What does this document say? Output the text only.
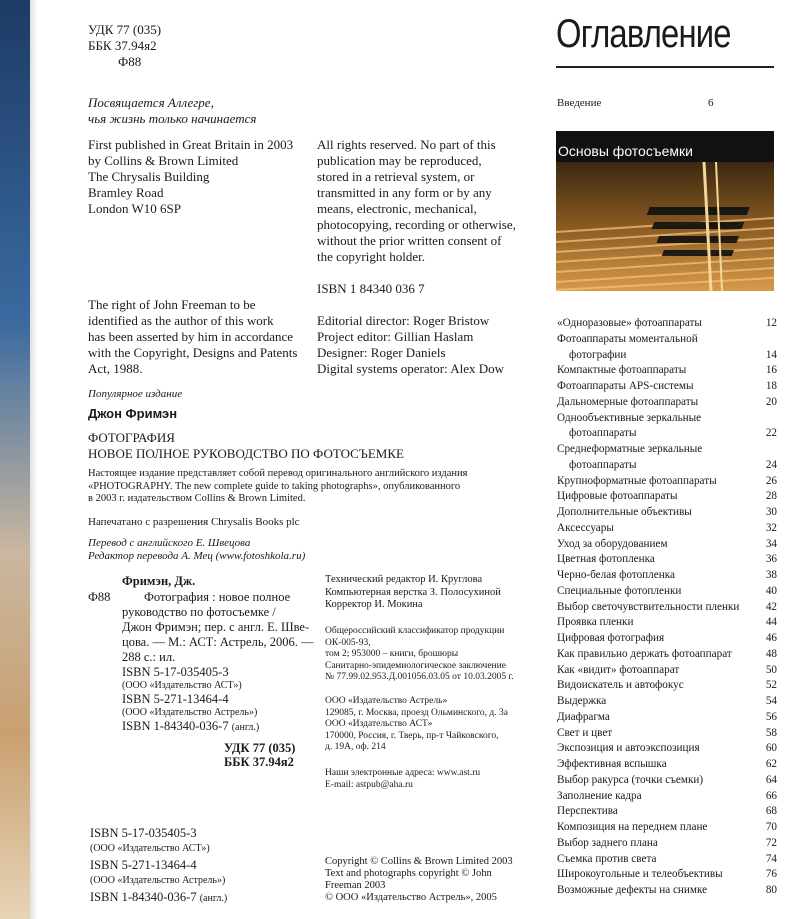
УДК 77 (035)
ББК 37.94я2
Ф88
Посвящается Аллегре,
чья жизнь только начинается
First published in Great Britain in 2003
by Collins & Brown Limited
The Chrysalis Building
Bramley Road
London W10 6SP
All rights reserved. No part of this
publication may be reproduced,
stored in a retrieval system, or
transmitted in any form or by any
means, electronic, mechanical,
photocopying, recording or otherwise,
without the prior written consent of
the copyright holder.
ISBN 1 84340 036 7
The right of John Freeman to be
identified as the author of this work
has been asserted by him in accordance
with the Copyright, Designs and Patents
Act, 1988.
Editorial director: Roger Bristow
Project editor: Gillian Haslam
Designer: Roger Daniels
Digital systems operator: Alex Dow
Популярное издание
Джон Фримэн
ФОТОГРАФИЯ
НОВОЕ ПОЛНОЕ РУКОВОДСТВО ПО ФОТОСЪЕМКЕ
Настоящее издание представляет собой перевод оригинального английского издания
«PHOTOGRAPHY. The new complete guide to taking photographs», опубликованного
в 2003 г. издательством Collins & Brown Limited.
Напечатано с разрешения Chrysalis Books plc
Перевод с английского Е. Швецова
Редактор перевода А. Мец (www.fotoshkola.ru)
Фримэн, Дж.
Ф88	Фотография : новое полное
руководство по фотосъемке /
Джон Фримэн; пер. с англ. Е. Шве-
цова. — М.: АСТ: Астрель, 2006. —
288 с.: ил.
ISBN 5-17-035405-3
(ООО «Издательство АСТ»)
ISBN 5-271-13464-4
(ООО «Издательство Астрель»)
ISBN 1-84340-036-7 (англ.)
УДК 77 (035)
ББК 37.94я2
Технический редактор И. Круглова
Компьютерная верстка З. Полосухиной
Корректор И. Мокина
Общероссийский классификатор продукции
ОК-005-93,
том 2; 953000 – книги, брошюры
Санитарно-эпидемиологическое заключение
№ 77.99.02.953.Д.001056.03.05 от 10.03.2005 г.
ООО «Издательство Астрель»
129085, г. Москва, проезд Ольминского, д. 3а
ООО «Издательство АСТ»
170000, Россия, г. Тверь, пр-т Чайковского,
д. 19А, оф. 214
Наши электронные адреса: www.ast.ru
E-mail: astpub@aha.ru
ISBN 5-17-035405-3
(ООО «Издательство АСТ»)
ISBN 5-271-13464-4
(ООО «Издательство Астрель»)
ISBN 1-84340-036-7 (англ.)
Copyright © Collins & Brown Limited 2003
Text and photographs copyright © John
Freeman 2003
© ООО «Издательство Астрель», 2005
Оглавление
Введение	6
Основы фотосъемки
«Одноразовые» фотоаппараты	12
Фотоаппараты моментальной
фотографии	14
Компактные фотоаппараты	16
Фотоаппараты APS-системы	18
Дальномерные фотоаппараты	20
Однообъективные зеркальные
фотоаппараты	22
Среднеформатные зеркальные
фотоаппараты	24
Крупноформатные фотоаппараты	26
Цифровые фотоаппараты	28
Дополнительные объективы	30
Аксессуары	32
Уход за оборудованием	34
Цветная фотопленка	36
Черно-белая фотопленка	38
Специальные фотопленки	40
Выбор светочувствительности пленки 42
Проявка пленки	44
Цифровая фотография	46
Как правильно держать фотоаппарат	48
Как «видит» фотоаппарат	50
Видоискатель и автофокус	52
Выдержка	54
Диафрагма	56
Свет и цвет	58
Экспозиция и автоэкспозиция	60
Эффективная вспышка	62
Выбор ракурса (точки съемки)	64
Заполнение кадра	66
Перспектива	68
Композиция на переднем плане	70
Выбор заднего плана	72
Съемка против света	74
Широкоугольные и телеобъективы	76
Возможные дефекты на снимке	80
